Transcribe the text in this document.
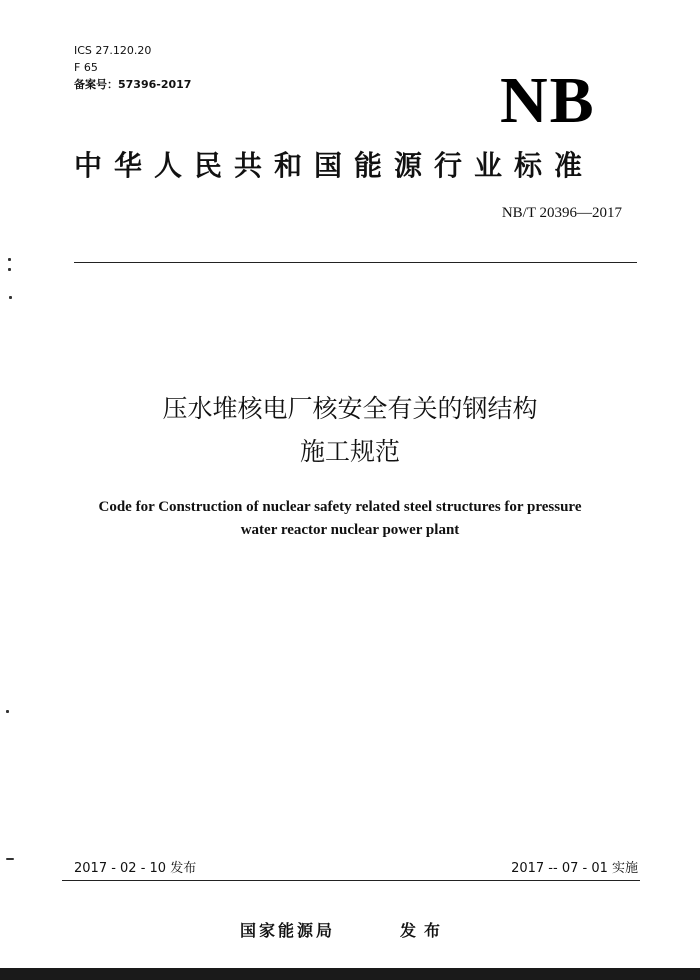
ICS 27.120.20
F 65
备案号：57396-2017	NB
中华人民共和国能源行业标准
NB/T 20396—2017
压水堆核电厂核安全有关的钢结构
施工规范
Code for Construction of nuclear safety related steel structures for pressure
water reactor nuclear power plant
2017 - 02 - 10 发布	2017 -- 07 - 01 实施
国家能源局	发布
